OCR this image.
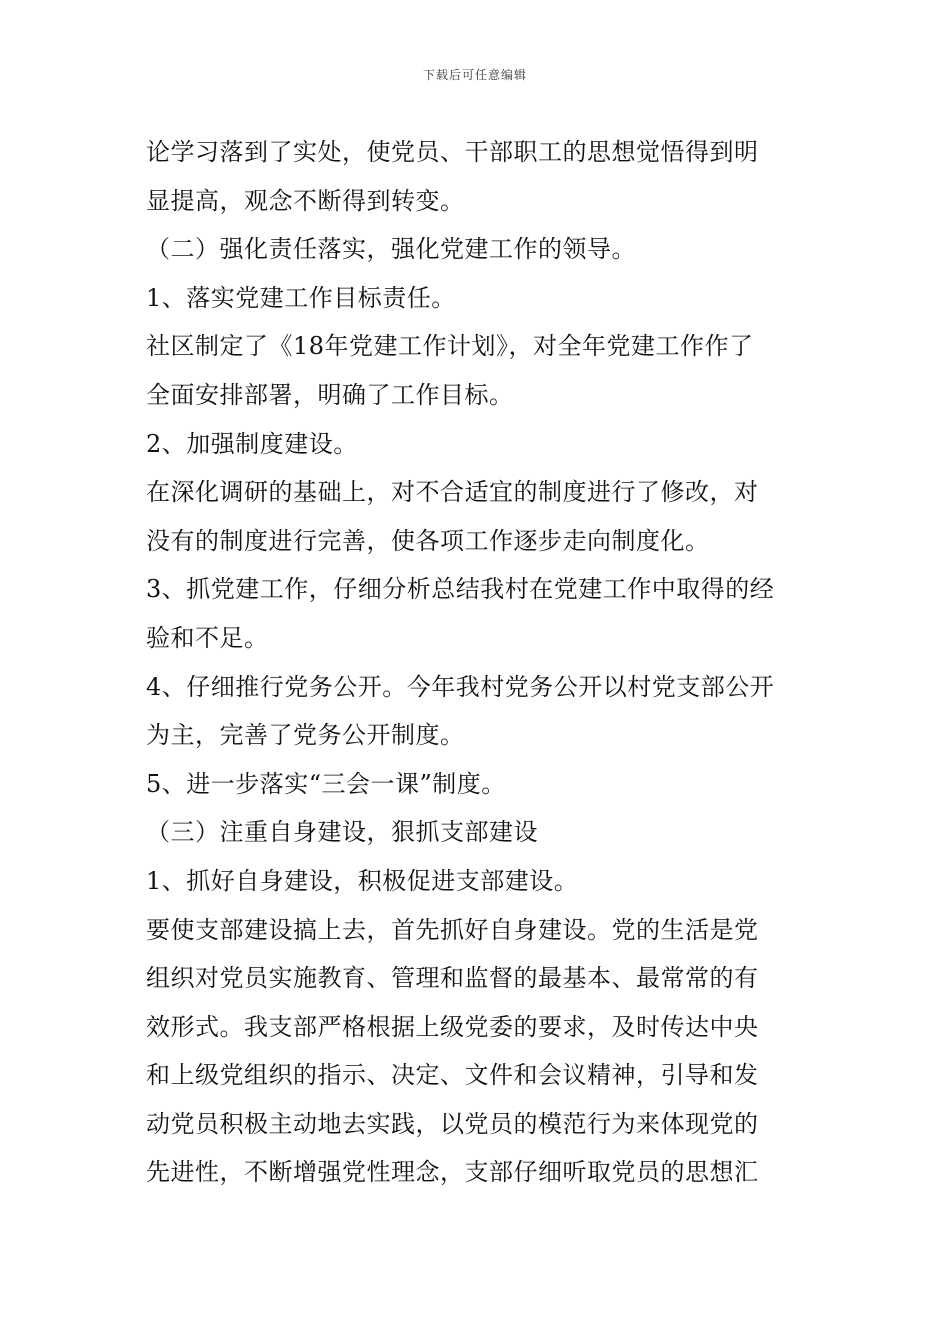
下载后可任意编辑
论学习落到了实处，使党员、干部职工的思想觉悟得到明
显提高，观念不断得到转变。
（二）强化责任落实，强化党建工作的领导。
1、落实党建工作目标责任。
社区制定了《18年党建工作计划》，对全年党建工作作了
全面安排部署，明确了工作目标。
2、加强制度建设。
在深化调研的基础上，对不合适宜的制度进行了修改，对
没有的制度进行完善，使各项工作逐步走向制度化。
3、抓党建工作，仔细分析总结我村在党建工作中取得的经
验和不足。
4、仔细推行党务公开。今年我村党务公开以村党支部公开
为主，完善了党务公开制度。
5、进一步落实“三会一课”制度。
（三）注重自身建设，狠抓支部建设
1、抓好自身建设，积极促进支部建设。
要使支部建设搞上去，首先抓好自身建设。党的生活是党
组织对党员实施教育、管理和监督的最基本、最常常的有
效形式。我支部严格根据上级党委的要求，及时传达中央
和上级党组织的指示、决定、文件和会议精神，引导和发
动党员积极主动地去实践，以党员的模范行为来体现党的
先进性，不断增强党性理念，支部仔细听取党员的思想汇
